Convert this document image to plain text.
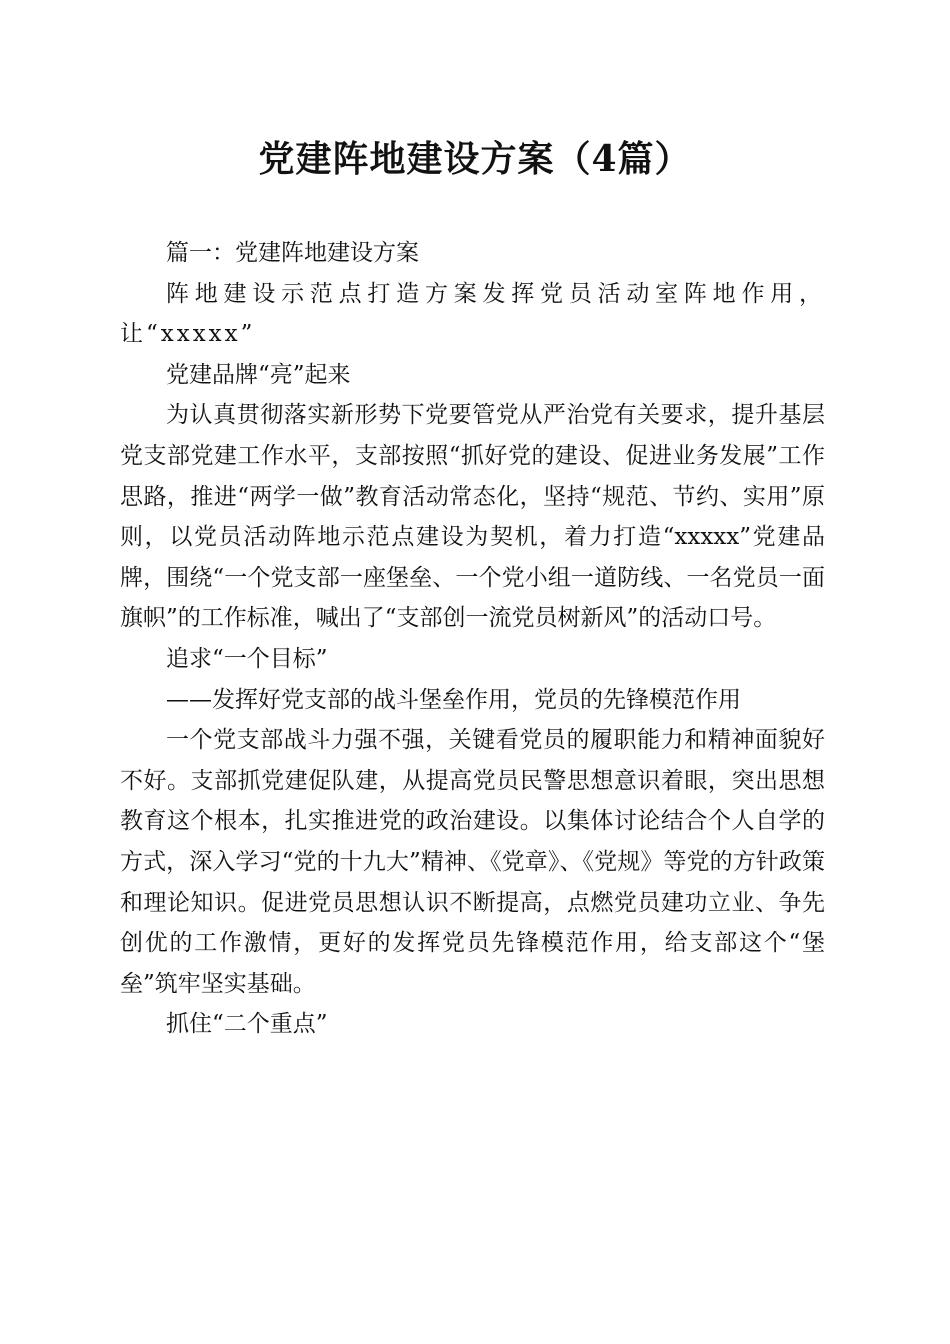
党建阵地建设方案（4篇）

篇一：党建阵地建设方案

阵地建设示范点打造方案发挥党员活动室阵地作用，让“xxxxx”

党建品牌“亮”起来

为认真贯彻落实新形势下党要管党从严治党有关要求，提升基层党支部党建工作水平，支部按照“抓好党的建设、促进业务发展”工作思路，推进“两学一做”教育活动常态化，坚持“规范、节约、实用”原则，以党员活动阵地示范点建设为契机，着力打造“xxxxx”党建品牌，围绕“一个党支部一座堡垒、一个党小组一道防线、一名党员一面旗帜”的工作标准，喊出了“支部创一流党员树新风”的活动口号。

追求“一个目标”

——发挥好党支部的战斗堡垒作用，党员的先锋模范作用

一个党支部战斗力强不强，关键看党员的履职能力和精神面貌好不好。支部抓党建促队建，从提高党员民警思想意识着眼，突出思想教育这个根本，扎实推进党的政治建设。以集体讨论结合个人自学的方式，深入学习“党的十九大”精神、《党章》、《党规》等党的方针政策和理论知识。促进党员思想认识不断提高，点燃党员建功立业、争先创优的工作激情，更好的发挥党员先锋模范作用，给支部这个“堡垒”筑牢坚实基础。

抓住“二个重点”
